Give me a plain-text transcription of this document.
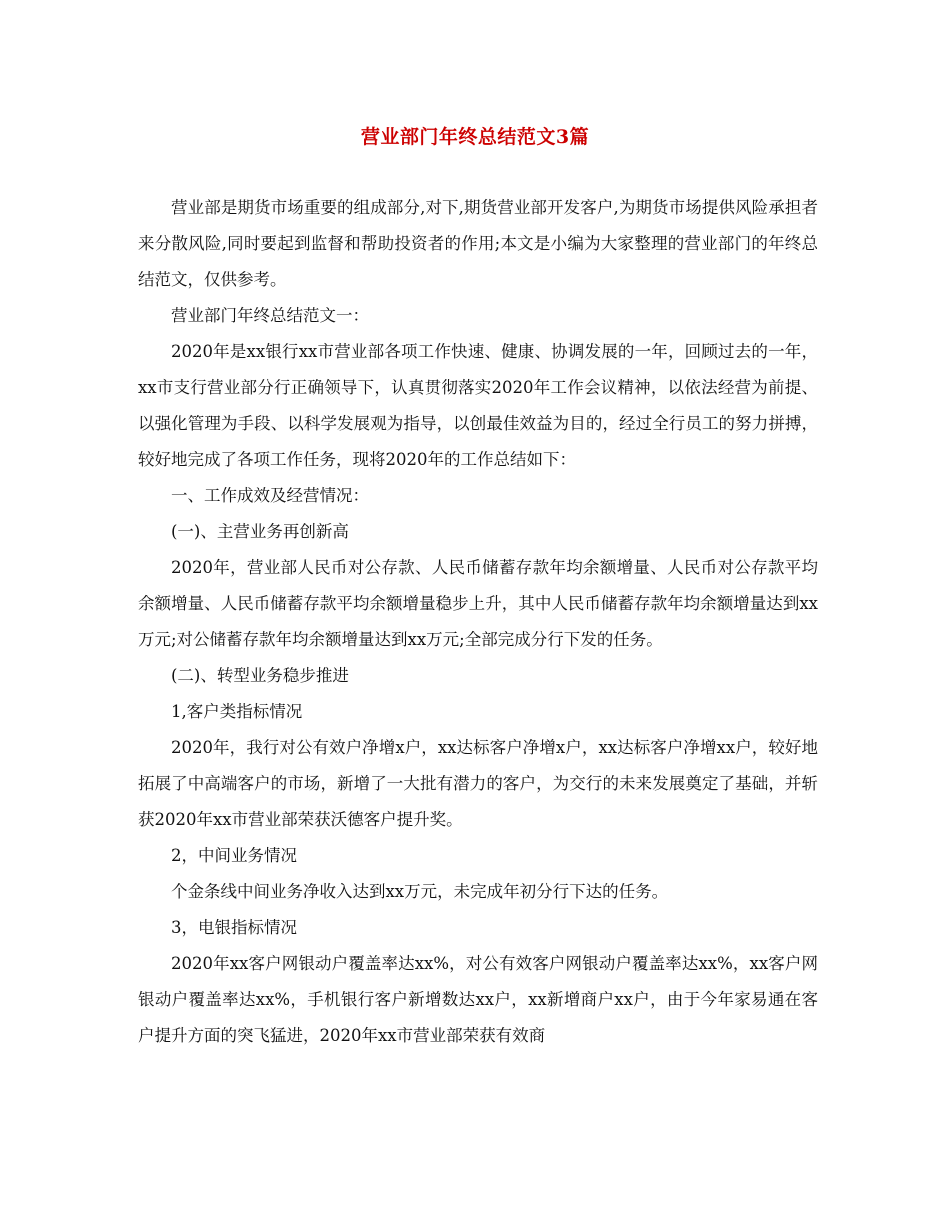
营业部门年终总结范文3篇

营业部是期货市场重要的组成部分,对下,期货营业部开发客户,为期货市场提供风险承担者来分散风险,同时要起到监督和帮助投资者的作用;本文是小编为大家整理的营业部门的年终总结范文，仅供参考。

营业部门年终总结范文一：

2020年是xx银行xx市营业部各项工作快速、健康、协调发展的一年，回顾过去的一年，xx市支行营业部分行正确领导下，认真贯彻落实2020年工作会议精神，以依法经营为前提、以强化管理为手段、以科学发展观为指导，以创最佳效益为目的，经过全行员工的努力拼搏，较好地完成了各项工作任务，现将2020年的工作总结如下：

一、工作成效及经营情况：

(一)、主营业务再创新高

2020年，营业部人民币对公存款、人民币储蓄存款年均余额增量、人民币对公存款平均余额增量、人民币储蓄存款平均余额增量稳步上升，其中人民币储蓄存款年均余额增量达到xx万元;对公储蓄存款年均余额增量达到xx万元;全部完成分行下发的任务。

(二)、转型业务稳步推进

1,客户类指标情况

2020年，我行对公有效户净增x户，xx达标客户净增x户，xx达标客户净增xx户，较好地拓展了中高端客户的市场，新增了一大批有潜力的客户，为交行的未来发展奠定了基础，并斩获2020年xx市营业部荣获沃德客户提升奖。

2，中间业务情况

个金条线中间业务净收入达到xx万元，未完成年初分行下达的任务。

3，电银指标情况

2020年xx客户网银动户覆盖率达xx%，对公有效客户网银动户覆盖率达xx%，xx客户网银动户覆盖率达xx%，手机银行客户新增数达xx户，xx新增商户xx户，由于今年家易通在客户提升方面的突飞猛进，2020年xx市营业部荣获有效商
